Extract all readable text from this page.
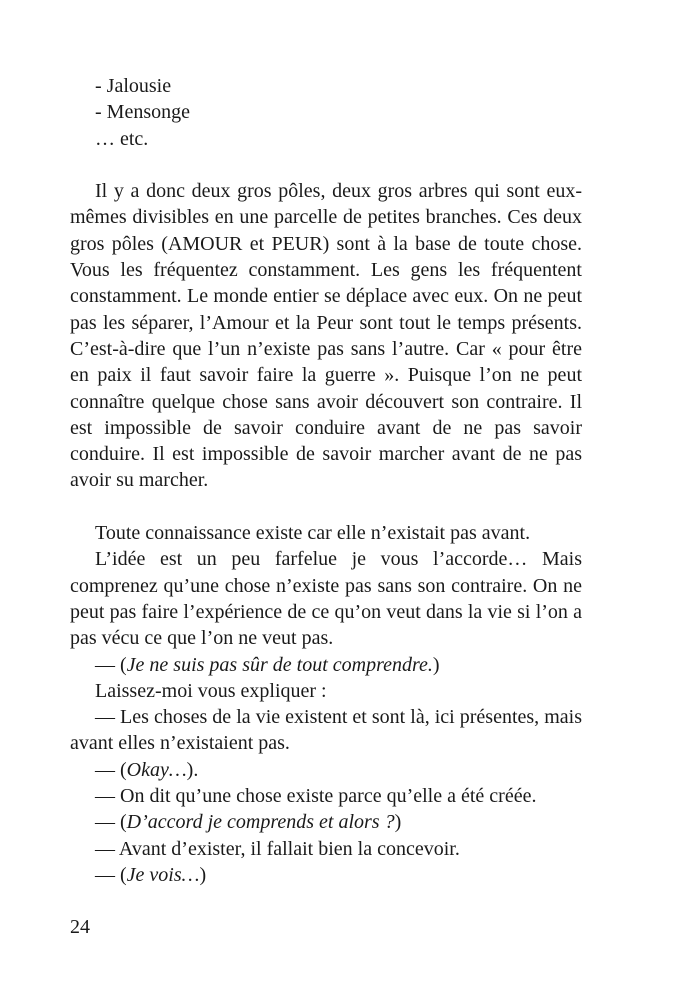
- Jalousie

- Mensonge

… etc.

Il y a donc deux gros pôles, deux gros arbres qui sont eux-mêmes divisibles en une parcelle de petites branches. Ces deux gros pôles (AMOUR et PEUR) sont à la base de toute chose. Vous les fréquentez constamment. Les gens les fréquentent constamment. Le monde entier se déplace avec eux. On ne peut pas les séparer, l’Amour et la Peur sont tout le temps présents. C’est-à-dire que l’un n’existe pas sans l’autre. Car « pour être en paix il faut savoir faire la guerre ». Puisque l’on ne peut connaître quelque chose sans avoir découvert son contraire. Il est impossible de savoir conduire avant de ne pas savoir conduire. Il est impossible de savoir marcher avant de ne pas avoir su marcher.

Toute connaissance existe car elle n’existait pas avant.

L’idée est un peu farfelue je vous l’accorde… Mais comprenez qu’une chose n’existe pas sans son contraire. On ne peut pas faire l’expérience de ce qu’on veut dans la vie si l’on a pas vécu ce que l’on ne veut pas.

— (Je ne suis pas sûr de tout comprendre.)

Laissez-moi vous expliquer :

— Les choses de la vie existent et sont là, ici présentes, mais avant elles n’existaient pas.

— (Okay…).

— On dit qu’une chose existe parce qu’elle a été créée.

— (D’accord je comprends et alors ?)

— Avant d’exister, il fallait bien la concevoir.

— (Je vois…)

24
